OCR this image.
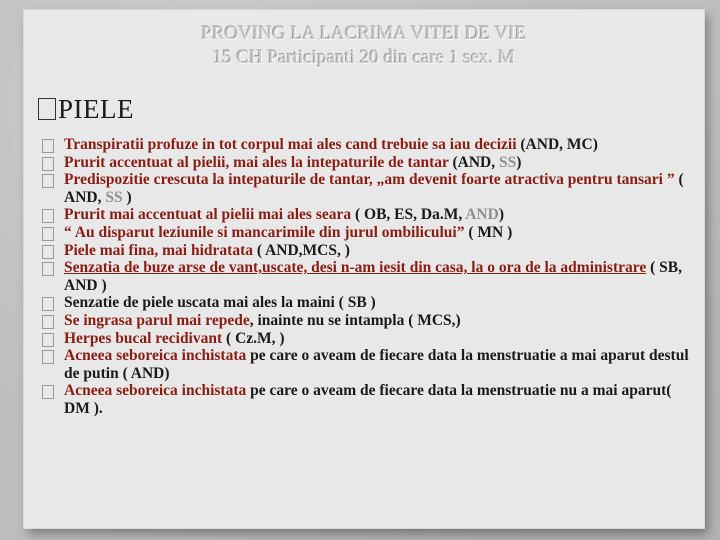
PROVING LA LACRIMA VITEI DE VIE
15 CH Participanti 20 din care 1 sex. M
PIELE
Transpiratii profuze in tot corpul mai ales cand trebuie sa iau decizii (AND, MC)
Prurit accentuat al pielii, mai ales la intepaturile de tantar (AND, SS)
Predispozitie crescuta la intepaturile de tantar, „am devenit foarte atractiva pentru tansari ” ( AND, SS )
Prurit mai accentuat al pielii mai ales seara ( OB, ES, Da.M, AND)
“ Au disparut leziunile si mancarimile din jurul ombilicului” ( MN )
Piele mai fina, mai hidratata ( AND,MCS, )
Senzatia de buze arse de vant,uscate, desi n-am iesit din casa, la o ora de la administrare ( SB, AND )
Senzatie de piele uscata mai ales la maini ( SB )
Se ingrasa parul mai repede, inainte nu se intampla ( MCS,)
Herpes bucal recidivant ( Cz.M, )
Acneea seboreica inchistata pe care o aveam de fiecare data la menstruatie a mai aparut destul de putin ( AND)
Acneea seboreica inchistata pe care o aveam de fiecare data la menstruatie nu a mai aparut( DM ).
